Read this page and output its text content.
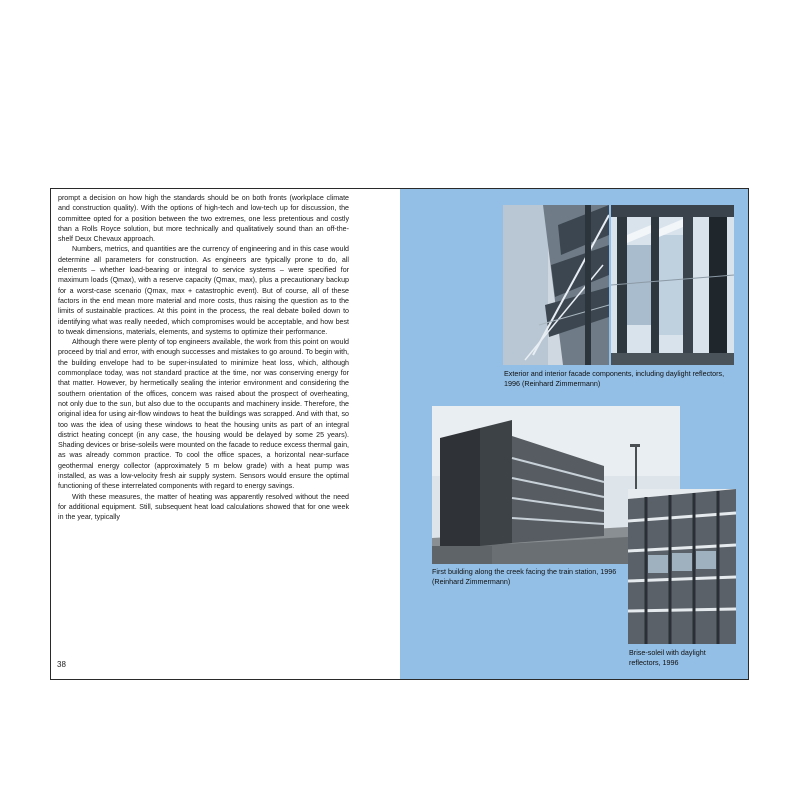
prompt a decision on how high the standards should be on both fronts (workplace climate and construction quality). With the options of high-tech and low-tech up for discussion, the committee opted for a position between the two extremes, one less pretentious and costly than a Rolls Royce solution, but more technically and qualitatively sound than an off-the-shelf Deux Chevaux approach.

Numbers, metrics, and quantities are the currency of engineering and in this case would determine all parameters for construction. As engineers are typically prone to do, all elements – whether load-bearing or integral to service systems – were specified for maximum loads (Qmax), with a reserve capacity (Qmax, max), plus a precautionary backup for a worst-case scenario (Qmax, max + catastrophic event). But of course, all of these factors in the end mean more material and more costs, thus raising the question as to the limits of sustainable practices. At this point in the process, the real debate boiled down to identifying what was really needed, which compromises would be acceptable, and how best to tweak dimensions, materials, elements, and systems to optimize their performance.

Although there were plenty of top engineers available, the work from this point on would proceed by trial and error, with enough successes and mistakes to go around. To begin with, the building envelope had to be super-insulated to minimize heat loss, which, although commonplace today, was not standard practice at the time, nor was conserving energy for that matter. However, by hermetically sealing the interior environment and considering the southern orientation of the offices, concern was raised about the prospect of overheating, not only due to the sun, but also due to the occupants and machinery inside. Therefore, the original idea for using air-flow windows to heat the buildings was scrapped. And with that, so too was the idea of using these windows to heat the housing units as part of an integral district heating concept (in any case, the housing would be delayed by some 25 years). Shading devices or brise-soleils were mounted on the facade to reduce excess thermal gain, as was already common practice. To cool the office spaces, a horizontal near-surface geothermal energy collector (approximately 5 m below grade) with a heat pump was installed, as was a low-velocity fresh air supply system. Sensors would ensure the optimal functioning of these interrelated components with regard to energy savings.

With these measures, the matter of heating was apparently resolved without the need for additional equipment. Still, subsequent heat load calculations showed that for one week in the year, typically

38
Exterior and interior facade components, including daylight reflectors, 1996 (Reinhard Zimmermann)
First building along the creek facing the train station, 1996 (Reinhard Zimmermann)
Brise-soleil with daylight reflectors, 1996
